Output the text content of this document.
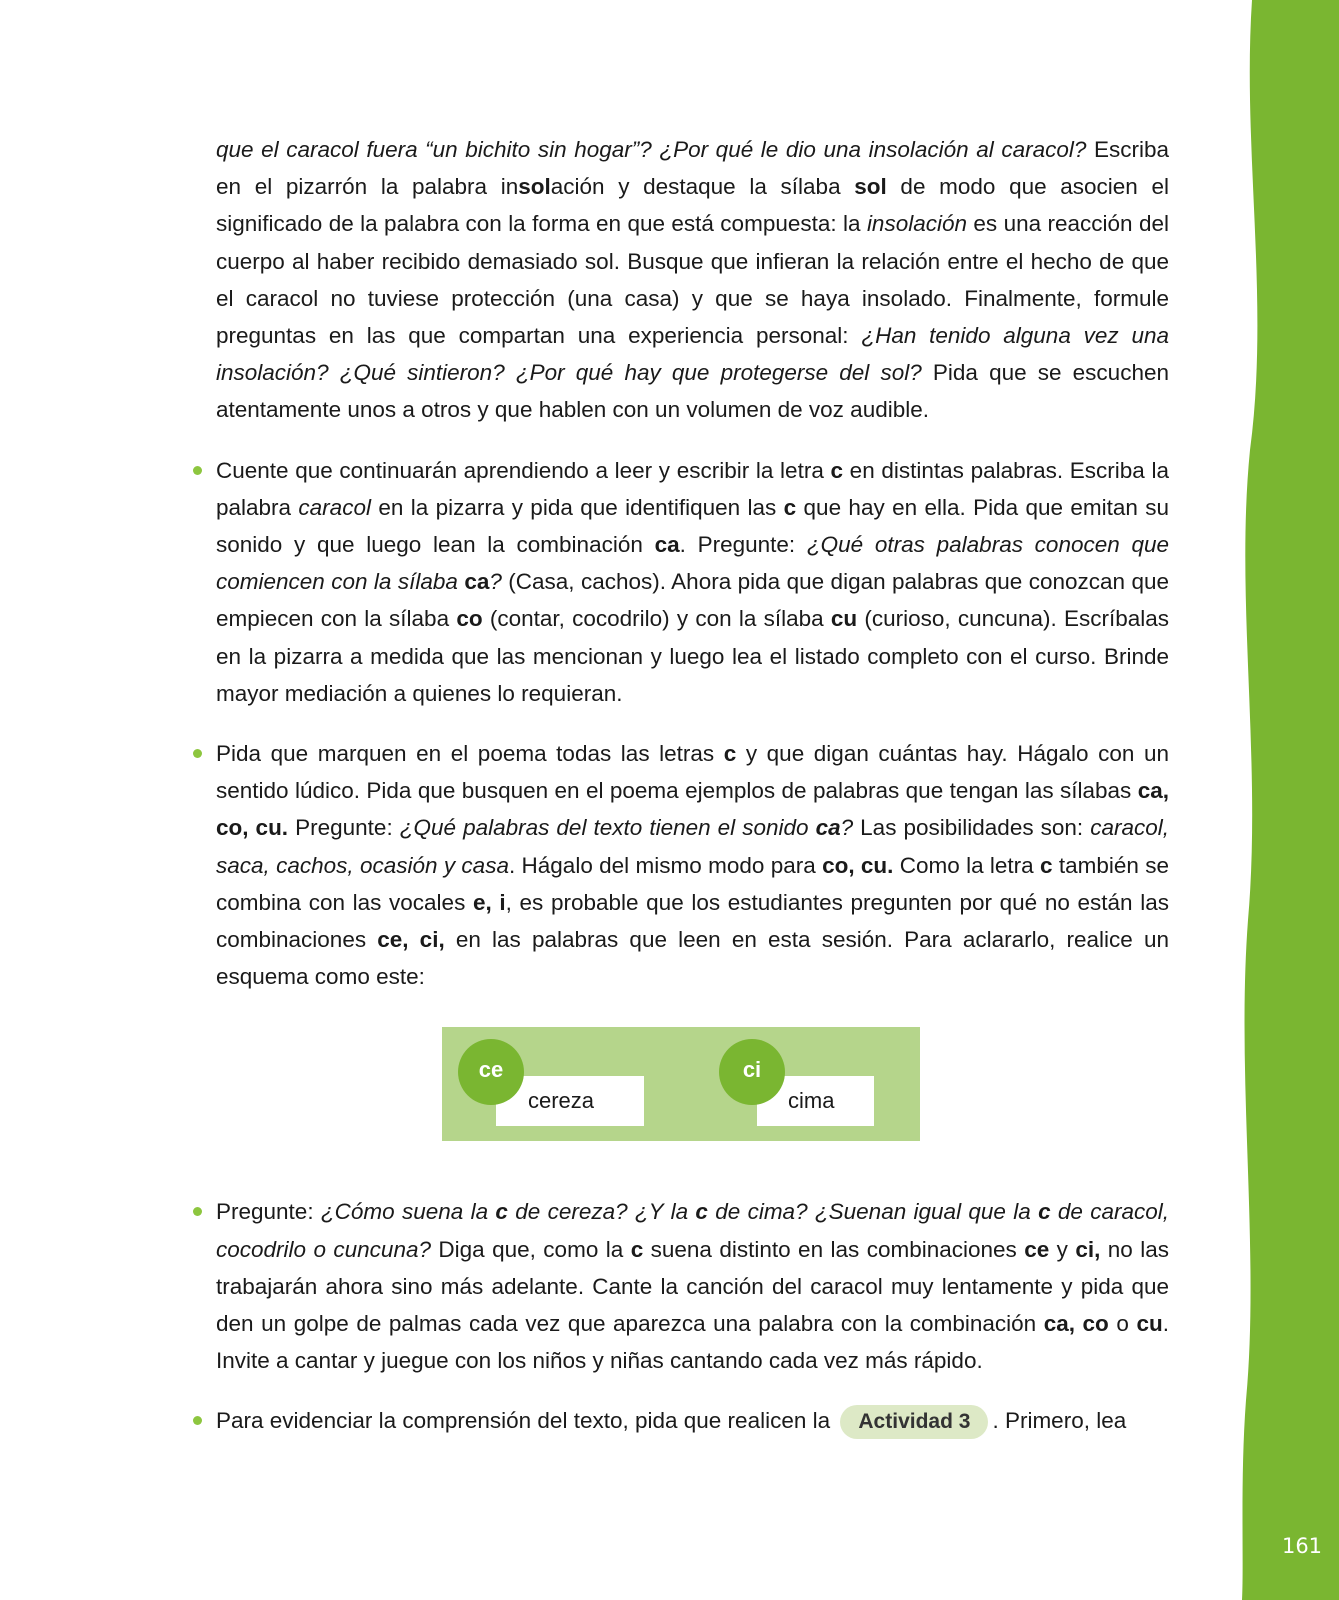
161

que el caracol fuera “un bichito sin hogar”? ¿Por qué le dio una insolación al caracol? Escriba en el pizarrón la palabra insolación y destaque la sílaba sol de modo que asocien el significado de la palabra con la forma en que está compuesta: la insolación es una reacción del cuerpo al haber recibido demasiado sol. Busque que infieran la relación entre el hecho de que el caracol no tuviese protección (una casa) y que se haya insolado. Finalmente, formule preguntas en las que compartan una experiencia personal: ¿Han tenido alguna vez una insolación? ¿Qué sintieron? ¿Por qué hay que protegerse del sol? Pida que se escuchen atentamente unos a otros y que hablen con un volumen de voz audible.

Cuente que continuarán aprendiendo a leer y escribir la letra c en distintas palabras. Escriba la palabra caracol en la pizarra y pida que identifiquen las c que hay en ella. Pida que emitan su sonido y que luego lean la combinación ca. Pregunte: ¿Qué otras palabras conocen que comiencen con la sílaba ca? (Casa, cachos). Ahora pida que digan palabras que conozcan que empiecen con la sílaba co (contar, cocodrilo) y con la sílaba cu (curioso, cuncuna). Escríbalas en la pizarra a medida que las mencionan y luego lea el listado completo con el curso. Brinde mayor mediación a quienes lo requieran.

Pida que marquen en el poema todas las letras c y que digan cuántas hay. Hágalo con un sentido lúdico. Pida que busquen en el poema ejemplos de palabras que tengan las sílabas ca, co, cu. Pregunte: ¿Qué palabras del texto tienen el sonido ca? Las posibilidades son: caracol, saca, cachos, ocasión y casa. Hágalo del mismo modo para co, cu. Como la letra c también se combina con las vocales e, i, es probable que los estudiantes pregunten por qué no están las combinaciones ce, ci, en las palabras que leen en esta sesión. Para aclararlo, realice un esquema como este:

cereza
ce
cima
ci

Pregunte: ¿Cómo suena la c de cereza? ¿Y la c de cima? ¿Suenan igual que la c de caracol, cocodrilo o cuncuna? Diga que, como la c suena distinto en las combinaciones ce y ci, no las trabajarán ahora sino más adelante. Cante la canción del caracol muy lentamente y pida que den un golpe de palmas cada vez que aparezca una palabra con la combinación ca, co o cu. Invite a cantar y juegue con los niños y niñas cantando cada vez más rápido.

Para evidenciar la comprensión del texto, pida que realicen la Actividad 3 . Primero, lea
